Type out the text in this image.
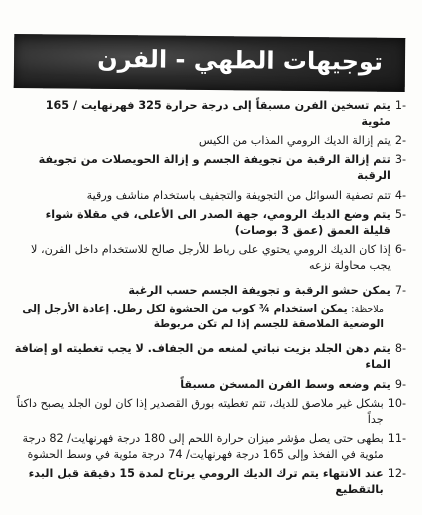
توجيهات الطهي - الفرن
-1
يتم تسخين الفرن مسبقاً إلى درجة حرارة 325 فهرنهايت / 165 مئوية
-2
يتم إزالة الديك الرومي المذاب من الكيس
-3
تتم إزالة الرقبة من تجويفة الجسم و إزالة الحويصلات من تجويفة الرقبة
-4
تتم تصفية السوائل من التجويفة والتجفيف باستخدام مناشف ورقية
-5
يتم وضع الديك الرومي، جهة الصدر الى الأعلى، في مقلاة شواء قليلة العمق (عمق 3 بوصات)
-6
إذا كان الديك الرومي يحتوي على رباط للأرجل صالح للاستخدام داخل الفرن، لا يجب محاولة نزعه
-7
يمكن حشو الرقبة و تجويفة الجسم حسب الرغبة
ملاحظة: يمكن استخدام ¾ كوب من الحشوة لكل رطل. إعادة الأرجل إلى الوضعية الملاصقة للجسم إذا لم تكن مربوطة
-8
يتم دهن الجلد بزيت نباتي لمنعه من الجفاف. لا يجب تغطيته او إضافة الماء
-9
يتم وضعه وسط الفرن المسخن مسبقاً
-10
بشكل غير ملاصق للديك، تتم تغطيته بورق القصدير إذا كان لون الجلد يصبح داكناً جداً
-11
بطهى حتى يصل مؤشر ميزان حرارة اللحم إلى 180 درجة فهرنهايت/ 82 درجة مئوية في الفخذ وإلى 165 درجة فهرنهايت/ 74 درجة مئوية في وسط الحشوة
-12
عند الانتهاء يتم ترك الديك الرومي يرتاح لمدة 15 دقيقة قبل البدء بالتقطيع
